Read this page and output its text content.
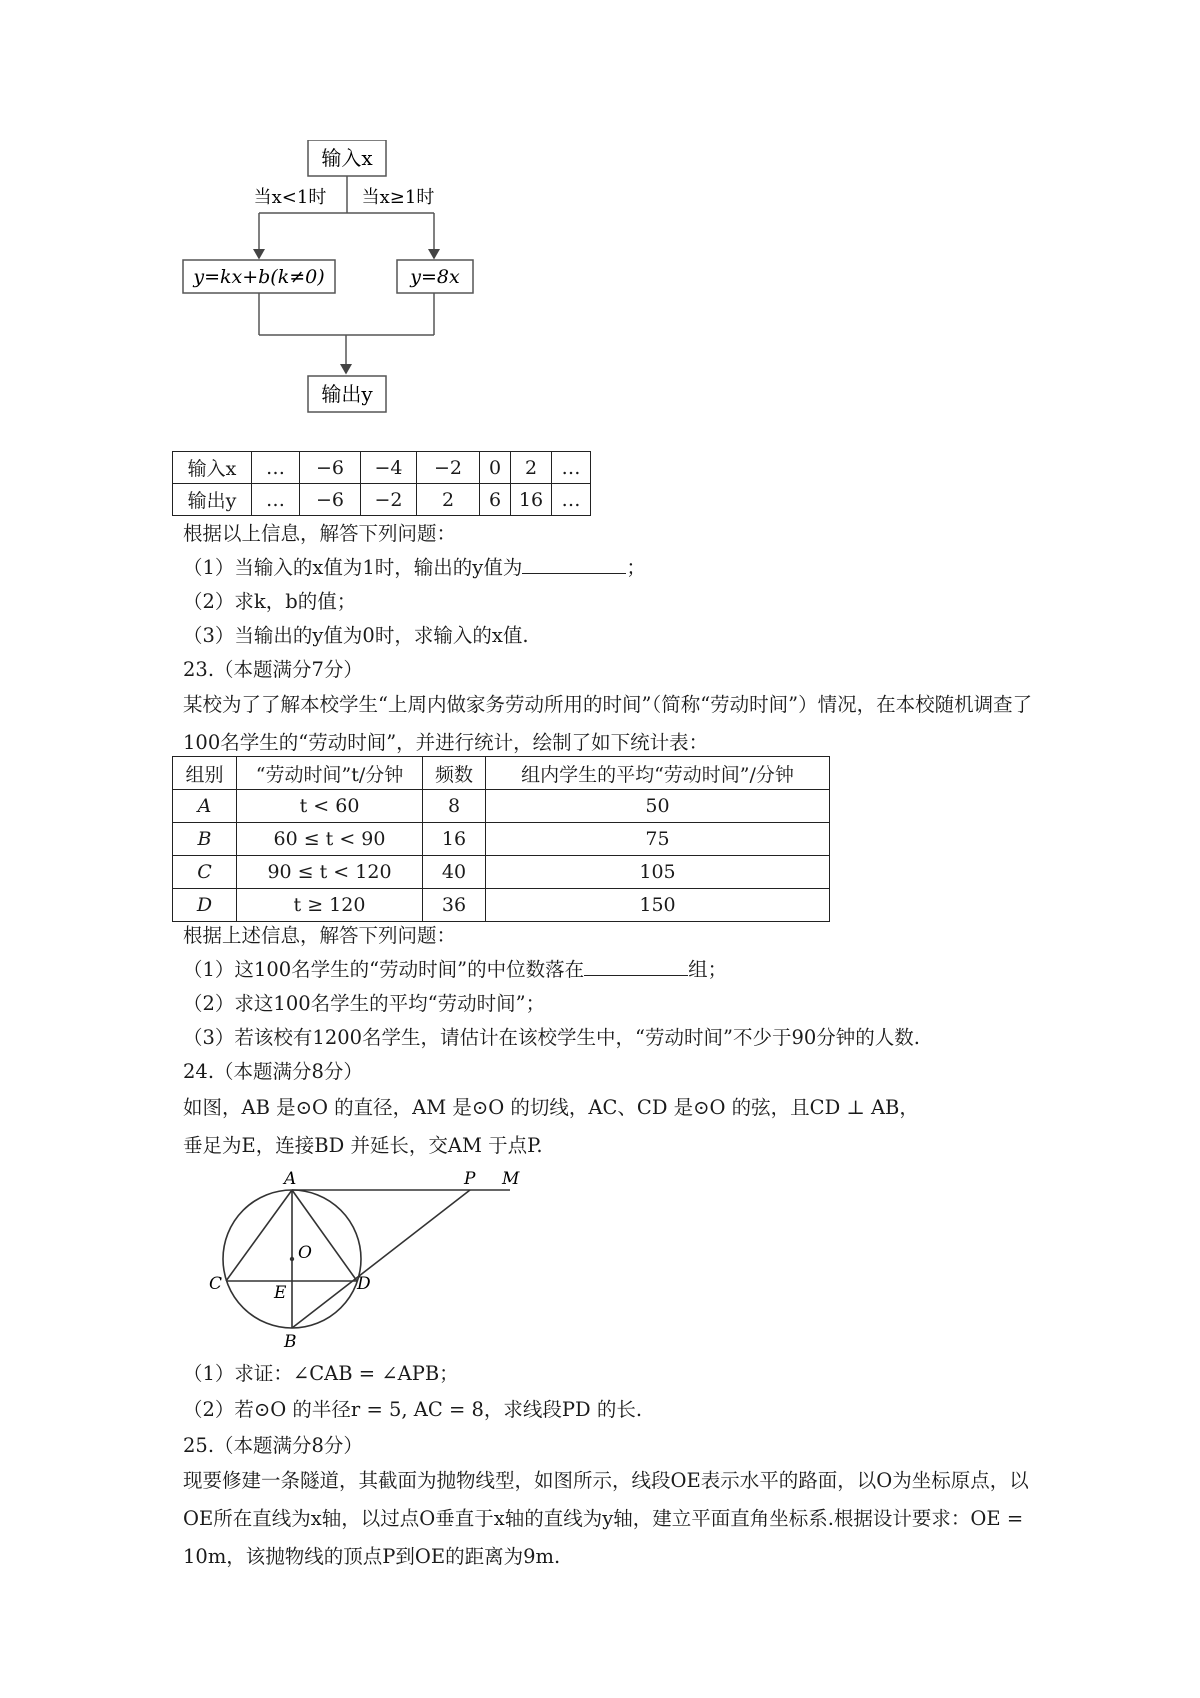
输入x
当x<1时 当x≥1时
y=kx+b(k≠0)	y=8x
输出y
输入x	…	−6	−4	−2	0	2	…
输出y	…	−6	−2	2	6	16	…
根据以上信息，解答下列问题：
（1）当输入的x值为1时，输出的y值为	；
（2）求k，b的值；
（3）当输出的y值为0时，求输入的x值.
23.（本题满分7分）
某校为了了解本校学生“上周内做家务劳动所用的时间”（简称“劳动时间”）情况，在本校随机调查了100名学生的“劳动时间”，并进行统计，绘制了如下统计表：
组别	“劳动时间”t/分钟	频数	组内学生的平均“劳动时间”/分钟
A	t < 60	8	50
B	60 ≤ t < 90	16	75
C	90 ≤ t < 120	40	105
D	t ≥ 120	36	150
根据上述信息，解答下列问题：
（1）这100名学生的“劳动时间”的中位数落在	组；
（2）求这100名学生的平均“劳动时间”；
（3）若该校有1200名学生，请估计在该校学生中，“劳动时间”不少于90分钟的人数.
24.（本题满分8分）
如图，AB 是⊙O 的直径，AM 是⊙O 的切线，AC、CD 是⊙O 的弦，且CD ⊥ AB，
垂足为E，连接BD 并延长，交AM 于点P.
A	P M
O
C	E	D
B
（1）求证：∠CAB = ∠APB；
（2）若⊙O 的半径r = 5, AC = 8，求线段PD 的长.
25.（本题满分8分）
现要修建一条隧道，其截面为抛物线型，如图所示，线段OE表示水平的路面，以O为坐标原点，以OE所在直线为x轴，以过点O垂直于x轴的直线为y轴，建立平面直角坐标系.根据设计要求：OE = 10m，该抛物线的顶点P到OE的距离为9m.
